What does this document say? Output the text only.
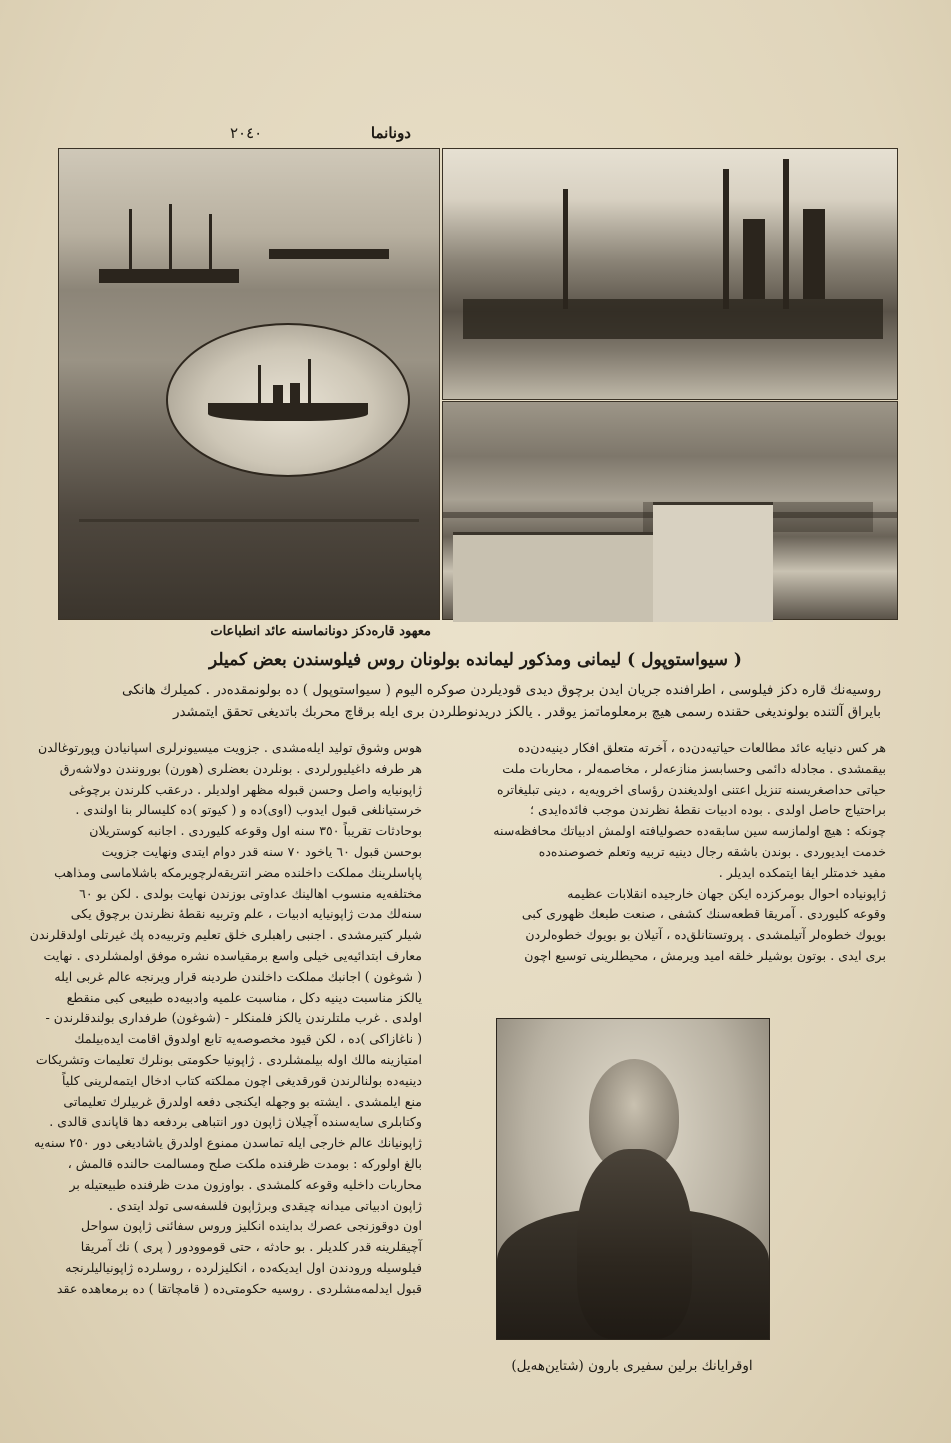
٢٠٤٠	دونانما
معهود قاره‌دكز دونانماسنه عائد انطباعات
( سيواستوپول ) ليمانى ومذكور ليمانده بولونان روس فيلوسندن بعض كميلر
روسيه‌نك قاره دكز فيلوسى ، اطرافنده جريان ايدن برچوق ديدى قوديلردن صوكره اليوم ( سيواستوپول ) ده بولونمقده‌در . كميلرك هانكى
بايراق آلتنده بولونديغى حقنده رسمى هيچ برمعلوماتمز يوقدر . يالكز دريدنوطلردن برى ايله برقاچ محربك باتديغى تحقق ايتمشدر

هر كس دنيايه عائد مطالعات حياتيه‌دن‌ده ، آخرته متعلق افكار دينيه‌دن‌ده

بيقمشدى . مجادله دائمى وحسابسز منازعه‌لر ، مخاصمه‌لر ، محاربات ملت

حياتى حداصغريسنه تنزيل اعتنى اولديغندن رؤساى اخرويه‌يه ، دينى تبليغاتره

براحتياج حاصل اولدى . بوده ادبيات نقطهٔ نظرندن موجب فائده‌ايدى ؛

چونكه : هيچ اولمازسه سين سابقه‌ده حصوليافته اولمش ادبياتك محافظه‌سنه

خدمت ايديوردى . بوندن باشقه رجال دينيه تربيه وتعلم خصوصنده‌ده

مفيد خدمتلر ايفا ايتمكده ايديلر .

ژاپونياده احوال بومركزده ايكن جهان خارجيده انقلابات عظيمه

وقوعه كليوردى . آمريقا قطعه‌سنك كشفى ، صنعت طبعك ظهورى كبى

بويوك خطوه‌لر آتيلمشدى . پروتستانلق‌ده ، آتيلان بو بويوك خطوه‌لردن

برى ايدى . بوتون بوشيلر خلقه اميد ويرمش ، محيطلرينى توسيع اچون

هوس وشوق توليد ايله‌مشدى . جزويت ميسيونرلرى اسپانيادن وپورتوغالدن

هر طرفه داغيليورلردى . بونلردن بعضلرى (هورن) بورونندن دولاشه‌رق

ژاپونيايه واصل وحسن قبوله مظهر اولديلر . درعقب كلرندن برچوغى

خرستيانلغى قبول ايدوب (اوى)ده و ( كيوتو )ده كليسالر بنا اولندى .

بوحادثات تقريباً ٣٥٠ سنه اول وقوعه كليوردى . اجانبه كوستريلان

بوحسن قبول ٦٠ ياخود ٧٠ سنه قدر دوام ايتدى ونهايت جزويت

پاپاسلرينك مملكت داخلنده مضر انتريقه‌لرچويرمكه باشلاماسى ومذاهب

مختلفه‌يه منسوب اهالينك عداوتى بوزندن نهايت بولدى . لكن بو ٦٠

سنه‌لك مدت ژاپونيايه ادبيات ، علم وتربيه نقطهٔ نظرندن برچوق يكى

شيلر كتيرمشدى . اجنبى راهبلرى خلق تعليم وتربيه‌ده پك غيرتلى اولدقلرندن

معارف ابتدائيه‌يى خيلى واسع برمقياسده نشره موفق اولمشلردى . نهايت

( شوغون ) اجانبك مملكت داخلندن طردينه قرار ويرنجه عالم غربى ايله

يالكز مناسبت دينيه دكل ، مناسبت علميه وادبيه‌ده طبيعى كبى منقطع

اولدى . غرب ملتلرندن يالكز فلمنكلر - (شوغون) طرفدارى بولندقلرندن -

( ناغازاكى )ده ، لكن قيود مخصوصه‌يه تابع اولدوق اقامت ايده‌بيلمك

امتيازينه مالك اوله بيلمشلردى . ژاپونيا حكومتى بونلرك تعليمات وتشريكات

دينيه‌ده بولنالرندن قورقديغى اچون مملكته كتاب ادخال ايتمه‌لرينى كلياً

منع ايلمشدى . ايشته بو وجهله ايكنجى دفعه اولدرق غربيلرك تعليماتى

وكتابلرى سايه‌سنده آچيلان ژاپون دور انتباهى بردفعه دها قاپاندى قالدى .

ژاپونيانك عالم خارجى ايله تماسدن ممنوع اولدرق ياشاديغى دور ٢٥٠ سنه‌يه

بالغ اولوركه : بومدت ظرفنده ملكت صلح ومسالمت حالنده قالمش ،

محاربات داخليه وقوعه كلمشدى . بواوزون مدت ظرفنده طبيعتيله بر

ژاپون ادبياتى ميدانه چيقدى وبرژاپون فلسفه‌سى تولد ايتدى .

اون دوقوزنجى عصرك بداينده انكليز وروس سفائنى ژاپون سواحل

آچيقلرينه قدر كلديلر . بو حادثه ، حتى قوموودور ( پرى ) نك آمريقا

فيلوسيله ورودندن اول ايديكه‌ده ، انكليزلرده ، روسلرده ژاپونياليلرنجه

قبول ايدلمه‌مشلردى . روسيه حكومتى‌ده ( قامچاتقا ) ده برمعاهده عقد

اوقرايانك برلين سفيرى بارون (شتاين‌هه‌يل)
